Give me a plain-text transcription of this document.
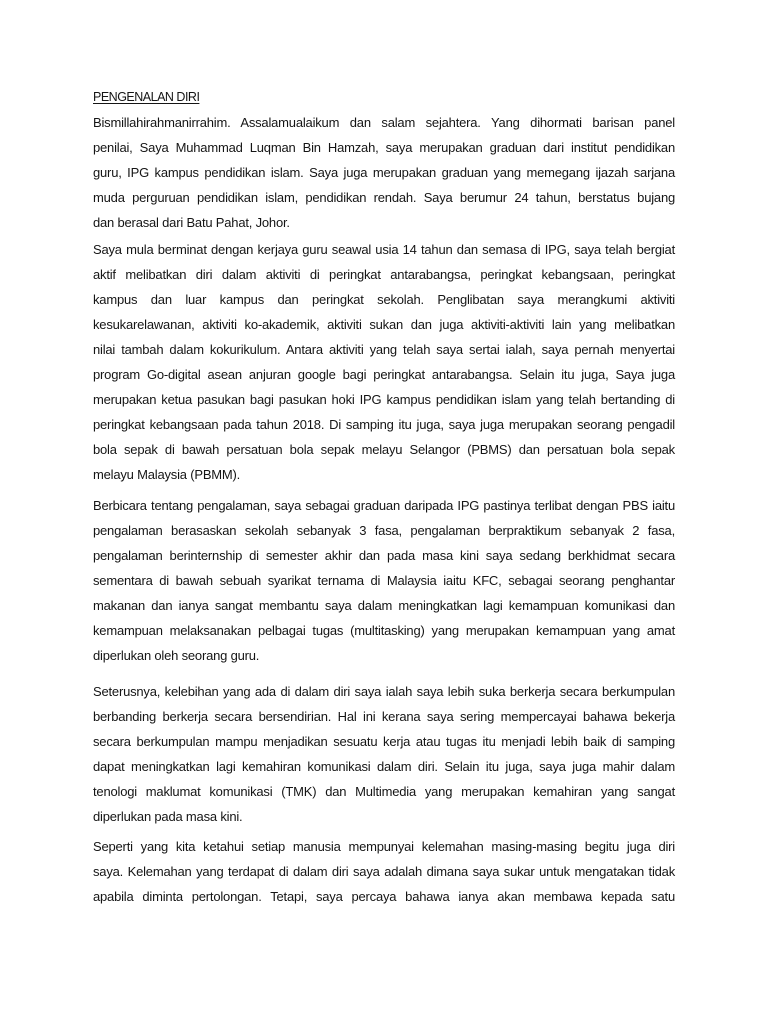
PENGENALAN DIRI
Bismillahirahmanirrahim. Assalamualaikum dan salam sejahtera. Yang dihormati barisan panel
penilai, Saya Muhammad Luqman Bin Hamzah, saya merupakan graduan dari institut pendidikan
guru, IPG kampus pendidikan islam. Saya juga merupakan graduan yang memegang ijazah sarjana
muda perguruan pendidikan islam, pendidikan rendah. Saya berumur 24 tahun, berstatus bujang
dan berasal dari Batu Pahat, Johor.
Saya mula berminat dengan kerjaya guru seawal usia 14 tahun dan semasa di IPG, saya telah bergiat
aktif melibatkan diri dalam aktiviti di peringkat antarabangsa, peringkat kebangsaan, peringkat
kampus dan luar kampus dan peringkat sekolah. Penglibatan saya merangkumi aktiviti
kesukarelawanan, aktiviti ko-akademik, aktiviti sukan dan juga aktiviti-aktiviti lain yang melibatkan
nilai tambah dalam kokurikulum. Antara aktiviti yang telah saya sertai ialah, saya pernah menyertai
program Go-digital asean anjuran google bagi peringkat antarabangsa. Selain itu juga, Saya juga
merupakan ketua pasukan bagi pasukan hoki IPG kampus pendidikan islam yang telah bertanding di
peringkat kebangsaan pada tahun 2018. Di samping itu juga, saya juga merupakan seorang pengadil
bola sepak di bawah persatuan bola sepak melayu Selangor (PBMS) dan persatuan bola sepak
melayu Malaysia (PBMM).
Berbicara tentang pengalaman, saya sebagai graduan daripada IPG pastinya terlibat dengan PBS iaitu
pengalaman berasaskan sekolah sebanyak 3 fasa, pengalaman berpraktikum sebanyak 2 fasa,
pengalaman berinternship di semester akhir dan pada masa kini saya sedang berkhidmat secara
sementara di bawah sebuah syarikat ternama di Malaysia iaitu KFC, sebagai seorang penghantar
makanan dan ianya sangat membantu saya dalam meningkatkan lagi kemampuan komunikasi dan
kemampuan melaksanakan pelbagai tugas (multitasking) yang merupakan kemampuan yang amat
diperlukan oleh seorang guru.
Seterusnya, kelebihan yang ada di dalam diri saya ialah saya lebih suka berkerja secara berkumpulan
berbanding berkerja secara bersendirian. Hal ini kerana saya sering mempercayai bahawa bekerja
secara berkumpulan mampu menjadikan sesuatu kerja atau tugas itu menjadi lebih baik di samping
dapat meningkatkan lagi kemahiran komunikasi dalam diri. Selain itu juga, saya juga mahir dalam
tenologi maklumat komunikasi (TMK) dan Multimedia yang merupakan kemahiran yang sangat
diperlukan pada masa kini.
Seperti yang kita ketahui setiap manusia mempunyai kelemahan masing-masing begitu juga diri
saya. Kelemahan yang terdapat di dalam diri saya adalah dimana saya sukar untuk mengatakan tidak
apabila diminta pertolongan. Tetapi, saya percaya bahawa ianya akan membawa kepada satu
